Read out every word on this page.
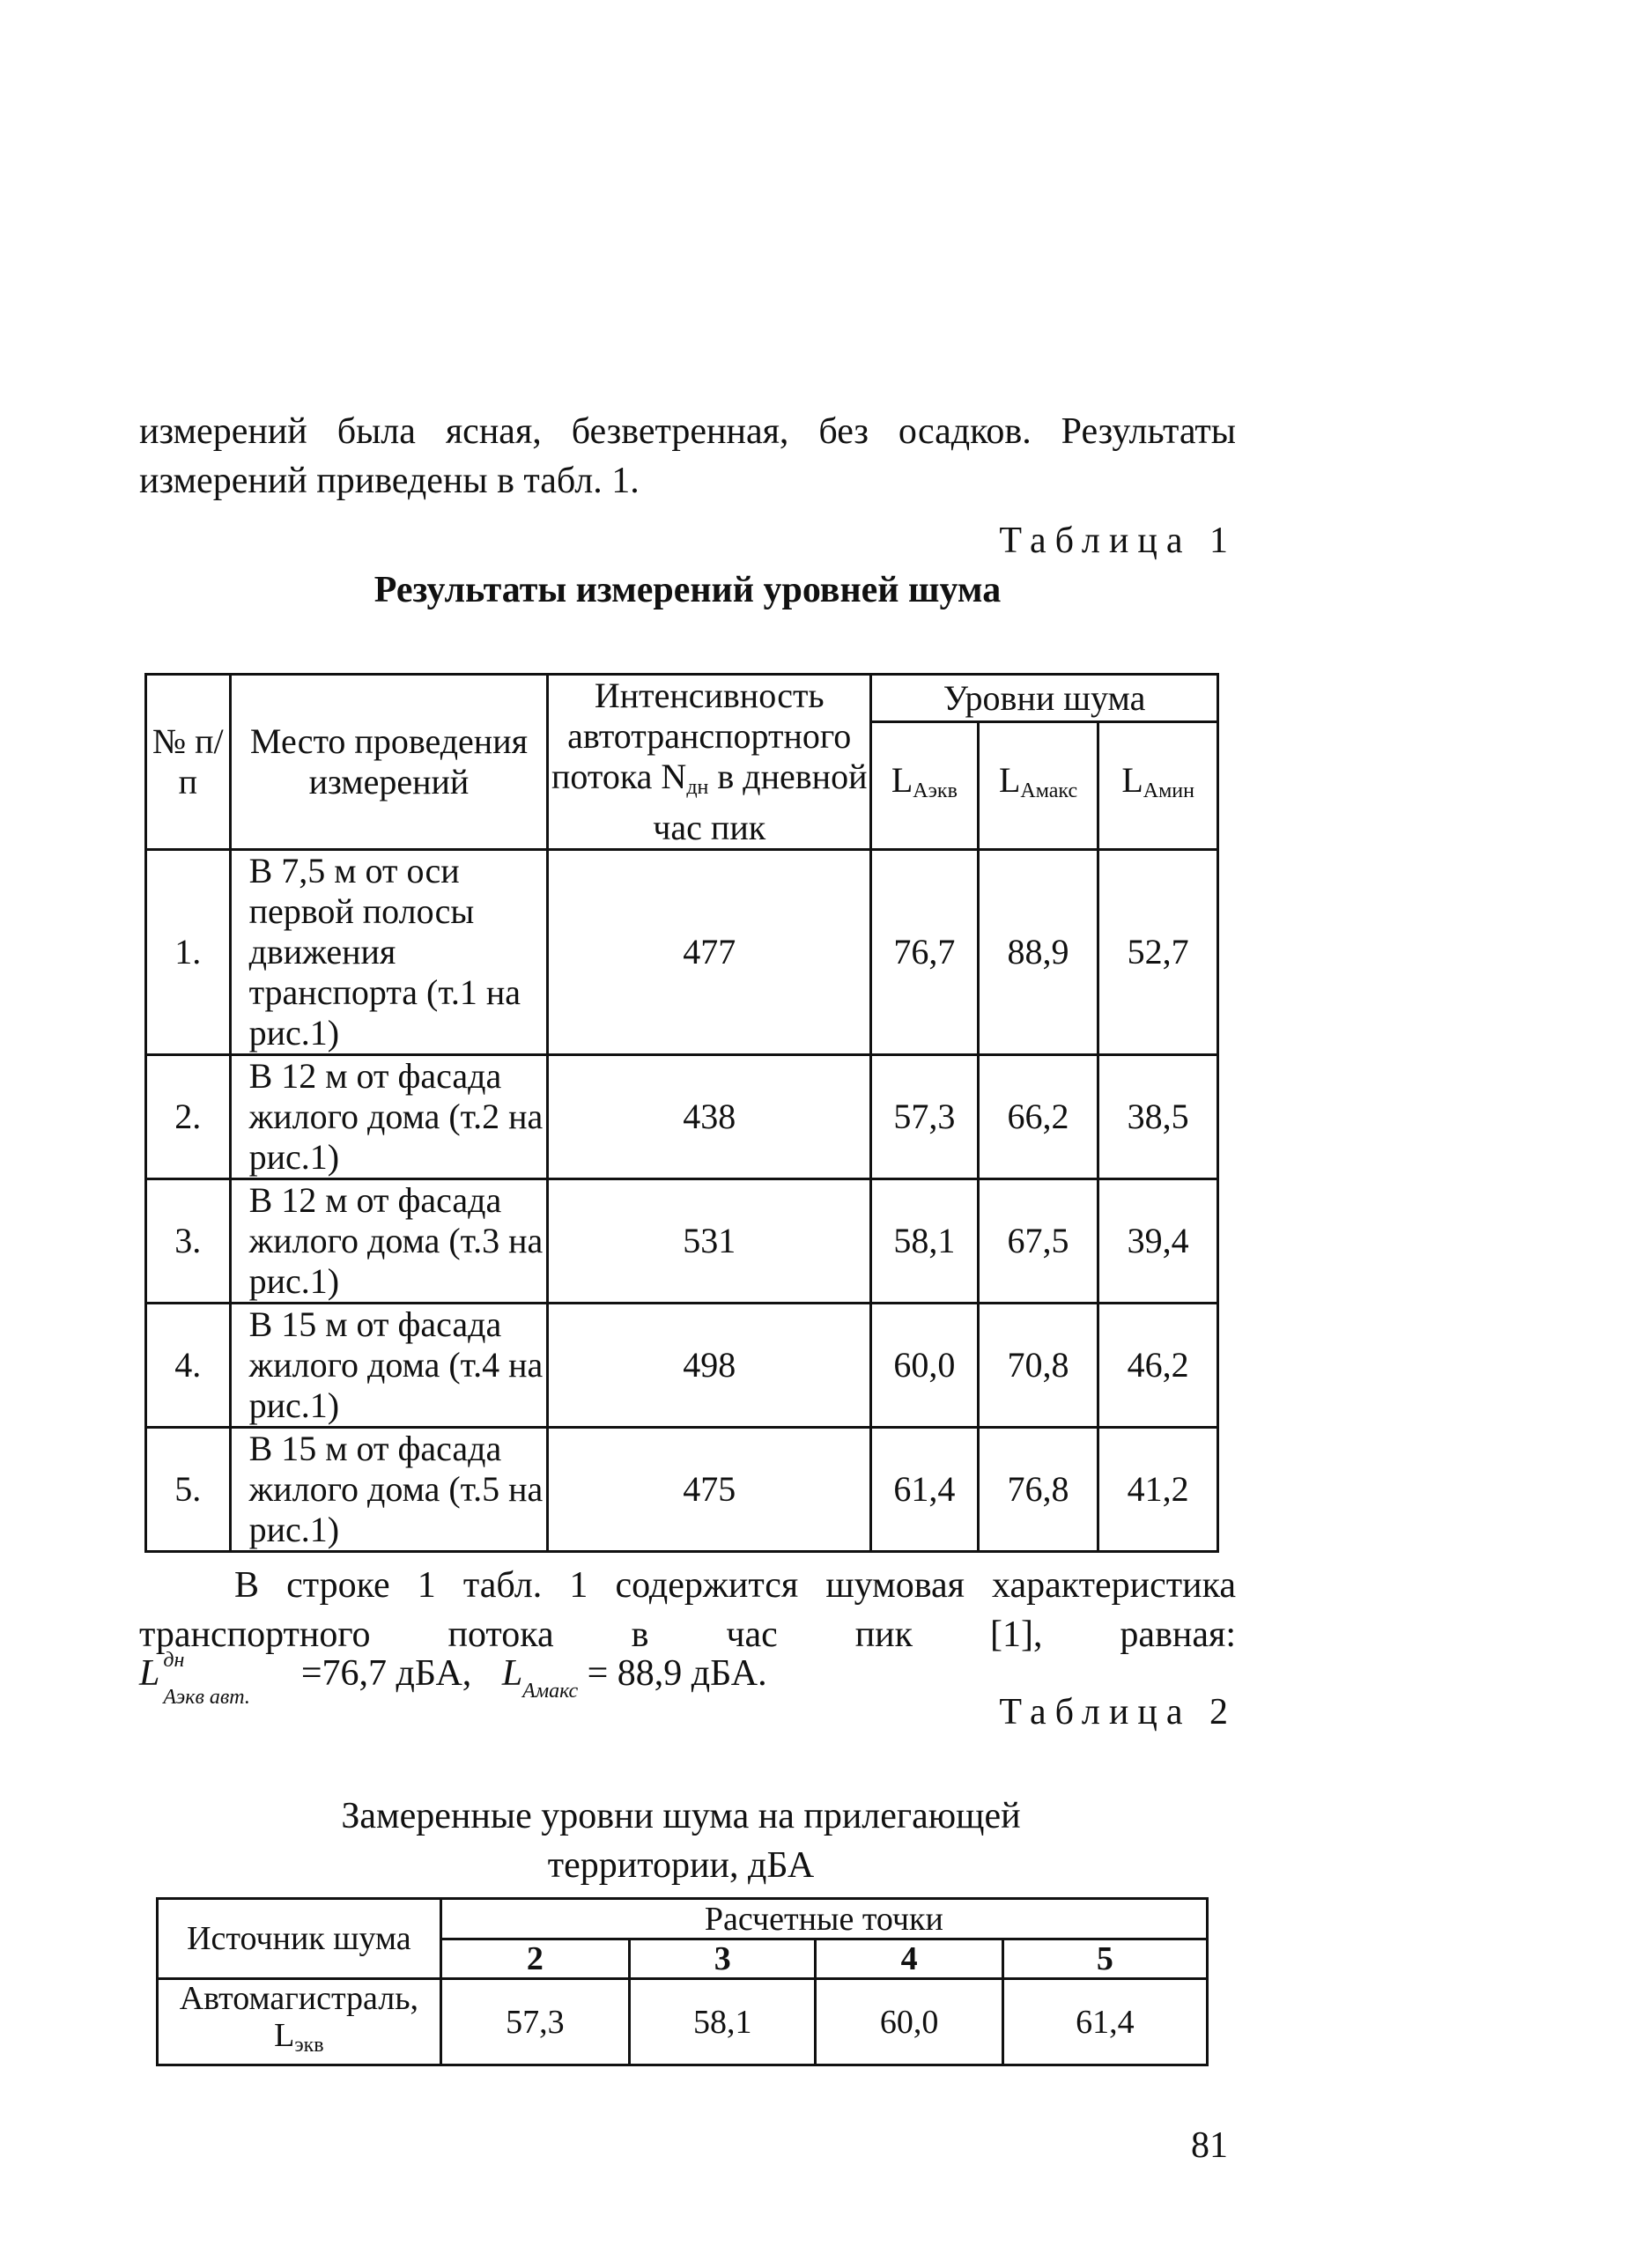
измерений была ясная, безветренная, без осадков. Результаты

измерений приведены в табл. 1.

Таблица 1
Результаты измерений уровней шума
№ п/п	Место проведения измерений	Интенсивность автотранспортного потока $N_{дн}$ в дневной час пик	Уровни шума		
			$L_{Aэкв}$	$L_{Aмакс}$	$L_{Aмин}$
1.	В 7,5 м от оси первой полосы движения транспорта (т.1 на рис.1)	477	76,7	88,9	52,7
2.	В 12 м от фасада жилого дома (т.2 на рис.1)	438	57,3	66,2	38,5
3.	В 12 м от фасада жилого дома (т.3 на рис.1)	531	58,1	67,5	39,4
4.	В 15 м от фасада жилого дома (т.4 на рис.1)	498	60,0	70,8	46,2
5.	В 15 м от фасада жилого дома (т.5 на рис.1)	475	61,4	76,8	41,2

В строке 1 табл. 1 содержится шумовая характеристика

транспортного потока в час пик [1], равная:

L дн
Аэкв авт.
=76,7 дБА, $L_{Амакс} = 88,9$ дБА.
Таблица 2
Замеренные уровни шума на прилегающей
территории, дБА
Источник шума	Расчетные точки			
	2	3	4	5
Автомагистраль,
$L_{экв}$	57,3	58,1	60,0	61,4
81
